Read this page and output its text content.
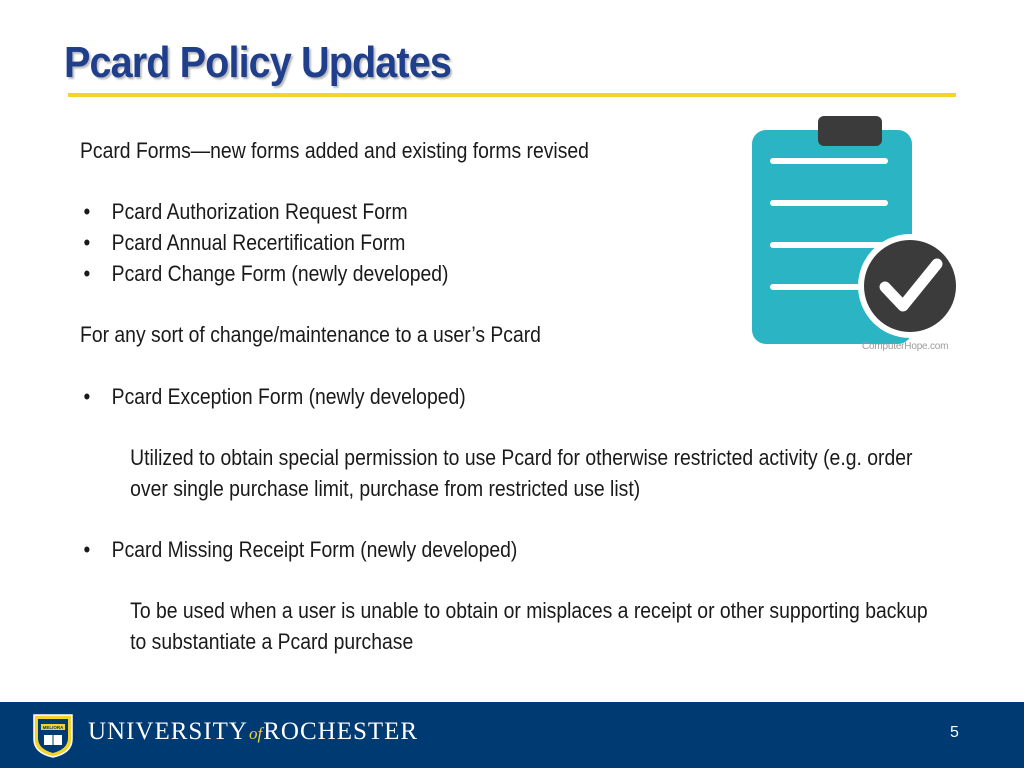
Pcard Policy Updates

Pcard Forms—new forms added and existing forms revised

• Pcard Authorization Request Form

• Pcard Annual Recertification Form

• Pcard Change Form (newly developed)

For any sort of change/maintenance to a user’s Pcard

• Pcard Exception Form (newly developed)

Utilized to obtain special permission to use Pcard for otherwise restricted activity (e.g. order over single purchase limit, purchase from restricted use list)

• Pcard Missing Receipt Form (newly developed)

To be used when a user is unable to obtain or misplaces a receipt or other supporting backup to substantiate a Pcard purchase

ComputerHope.com
MELIORA UNIVERSITYofROCHESTER	5
